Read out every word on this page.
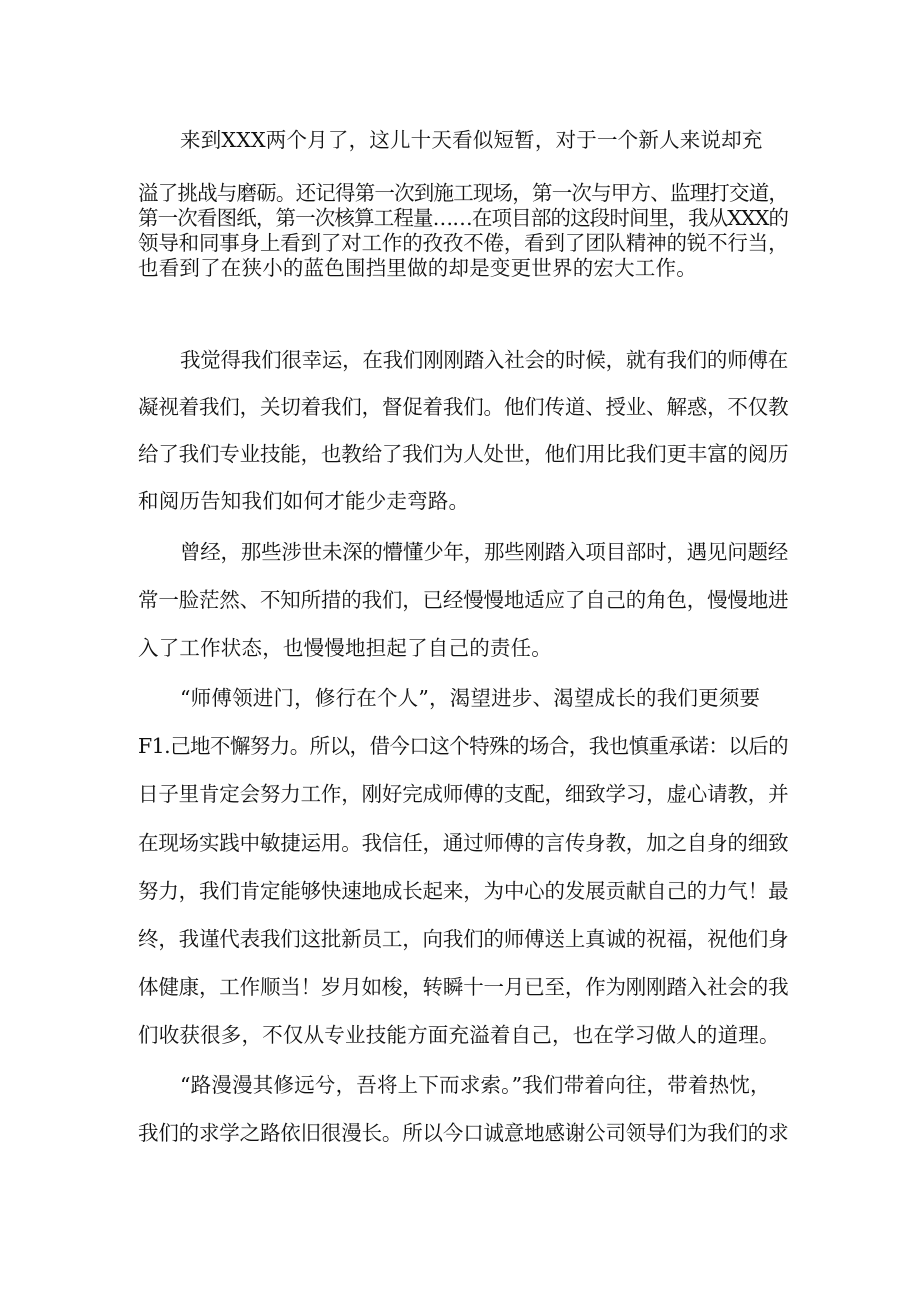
来到XXX两个月了，这儿十天看似短暂，对于一个新人来说却充
溢了挑战与磨砺。还记得第一次到施工现场，第一次与甲方、监理打交道，
第一次看图纸，第一次核算工程量……在项目部的这段时间里，我从XXX的
领导和同事身上看到了对工作的孜孜不倦，看到了团队精神的锐不行当，
也看到了在狭小的蓝色围挡里做的却是变更世界的宏大工作。
我觉得我们很幸运，在我们刚刚踏入社会的时候，就有我们的师傅在
凝视着我们，关切着我们，督促着我们。他们传道、授业、解惑，不仅教
给了我们专业技能，也教给了我们为人处世，他们用比我们更丰富的阅历
和阅历告知我们如何才能少走弯路。
曾经，那些涉世未深的懵懂少年，那些刚踏入项目部时，遇见问题经
常一脸茫然、不知所措的我们，已经慢慢地适应了自己的角色，慢慢地进
入了工作状态，也慢慢地担起了自己的责任。
“师傅领进门，修行在个人”，渴望进步、渴望成长的我们更须要
F1.己地不懈努力。所以，借今口这个特殊的场合，我也慎重承诺：以后的
日子里肯定会努力工作，刚好完成师傅的支配，细致学习，虚心请教，并
在现场实践中敏捷运用。我信任，通过师傅的言传身教，加之自身的细致
努力，我们肯定能够快速地成长起来，为中心的发展贡献自己的力气！最
终，我谨代表我们这批新员工，向我们的师傅送上真诚的祝福，祝他们身
体健康，工作顺当！岁月如梭，转瞬十一月已至，作为刚刚踏入社会的我
们收获很多，不仅从专业技能方面充溢着自己，也在学习做人的道理。
“路漫漫其修远兮，吾将上下而求索。”我们带着向往，带着热忱，
我们的求学之路依旧很漫长。所以今口诚意地感谢公司领导们为我们的求
